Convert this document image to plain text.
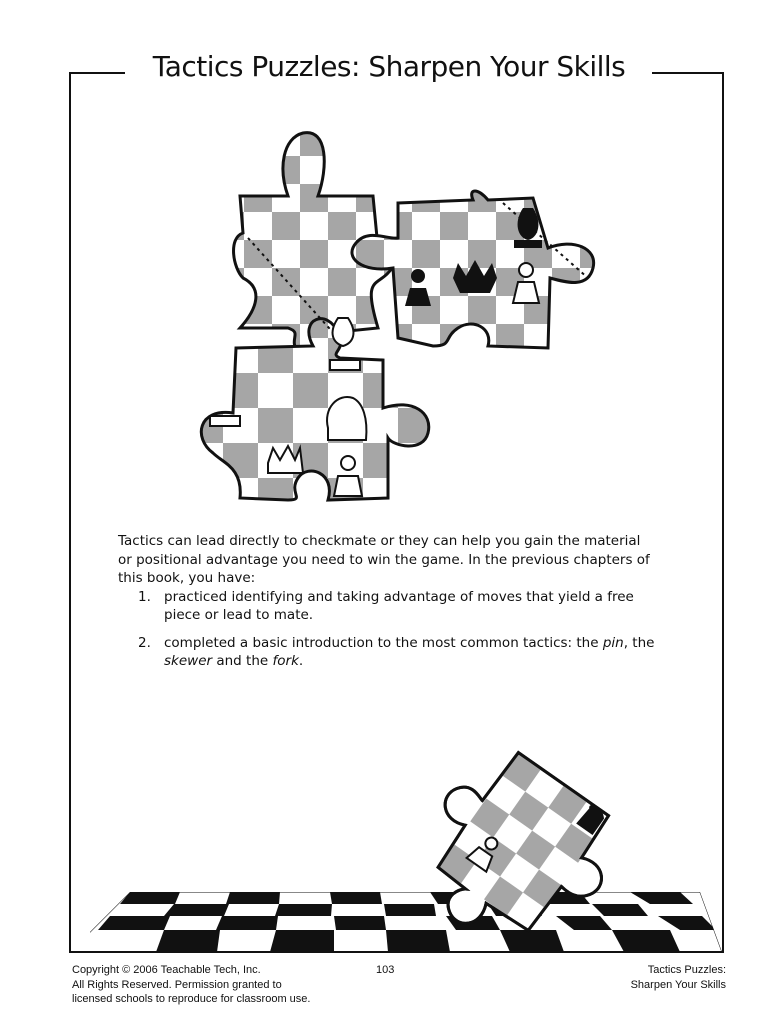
Tactics Puzzles: Sharpen Your Skills

Tactics can lead directly to checkmate or they can help you gain the material or positional advantage you need to win the game. In the previous chapters of this book, you have:

1. practiced identifying and taking advantage of moves that yield a free piece or lead to mate.
2. completed a basic introduction to the most common tactics: the pin, the skewer and the fork.
Copyright © 2006 Teachable Tech, Inc.
All Rights Reserved. Permission granted to
licensed schools to reproduce for classroom use.
103	Tactics Puzzles:
Sharpen Your Skills
